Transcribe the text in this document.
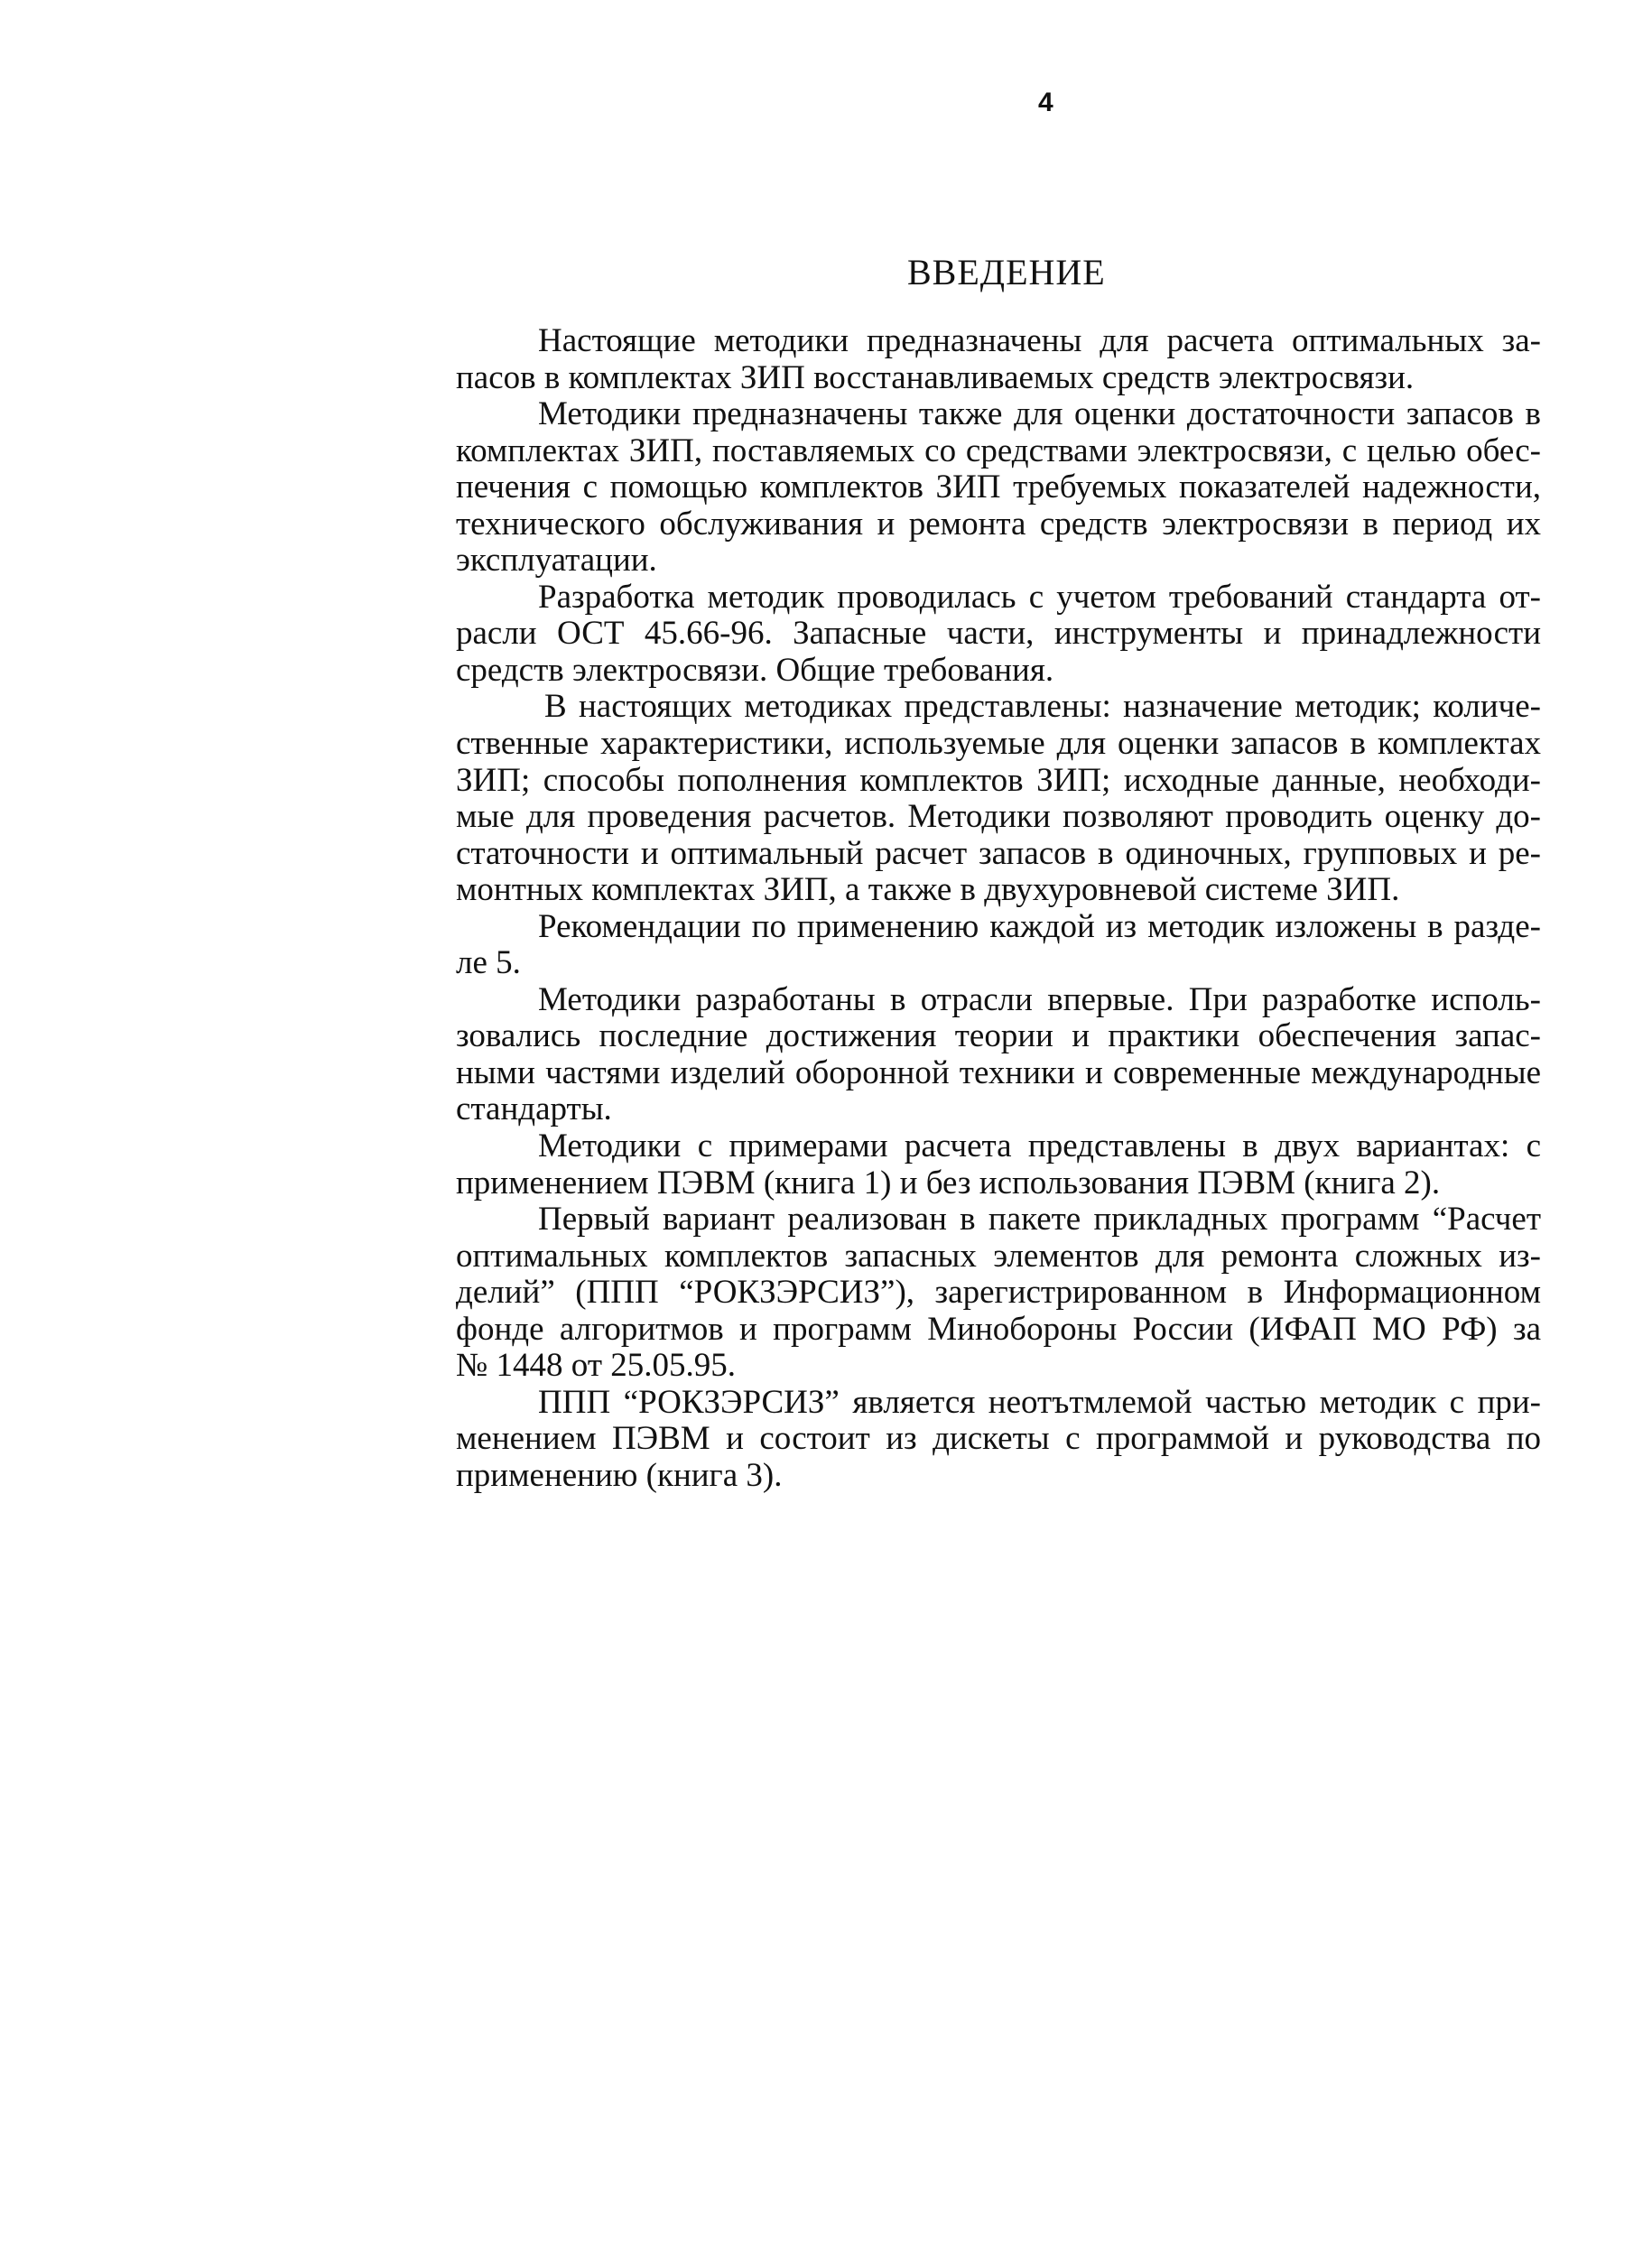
4
ВВЕДЕНИЕ
Настоящие методики предназначены для расчета оптимальных за-
пасов в комплектах ЗИП восстанавливаемых средств электросвязи.
Методики предназначены также для оценки достаточности запасов в
комплектах ЗИП, поставляемых со средствами электросвязи, с целью обес-
печения с помощью комплектов ЗИП требуемых показателей надежности,
технического обслуживания и ремонта средств электросвязи в период их
эксплуатации.
Разработка методик проводилась с учетом требований стандарта от-
расли ОСТ 45.66-96. Запасные части, инструменты и принадлежности
средств электросвязи. Общие требования.
В настоящих методиках представлены: назначение методик; количе-
ственные характеристики, используемые для оценки запасов в комплектах
ЗИП; способы пополнения комплектов ЗИП; исходные данные, необходи-
мые для проведения расчетов. Методики позволяют проводить оценку до-
статочности и оптимальный расчет запасов в одиночных, групповых и ре-
монтных комплектах ЗИП, а также в двухуровневой системе ЗИП.
Рекомендации по применению каждой из методик изложены в разде-
ле 5.
Методики разработаны в отрасли впервые. При разработке исполь-
зовались последние достижения теории и практики обеспечения запас-
ными частями изделий оборонной техники и современные международные
стандарты.
Методики с примерами расчета представлены в двух вариантах: с
применением ПЭВМ (книга 1) и без использования ПЭВМ (книга 2).
Первый вариант реализован в пакете прикладных программ “Расчет
оптимальных комплектов запасных элементов для ремонта сложных из-
делий” (ППП “РОКЗЭРСИЗ”), зарегистрированном в Информационном
фонде алгоритмов и программ Минобороны России (ИФАП МО РФ) за
№ 1448 от 25.05.95.
ППП “РОКЗЭРСИЗ” является неотътмлемой частью методик с при-
менением ПЭВМ и состоит из дискеты с программой и руководства по
применению (книга 3).
